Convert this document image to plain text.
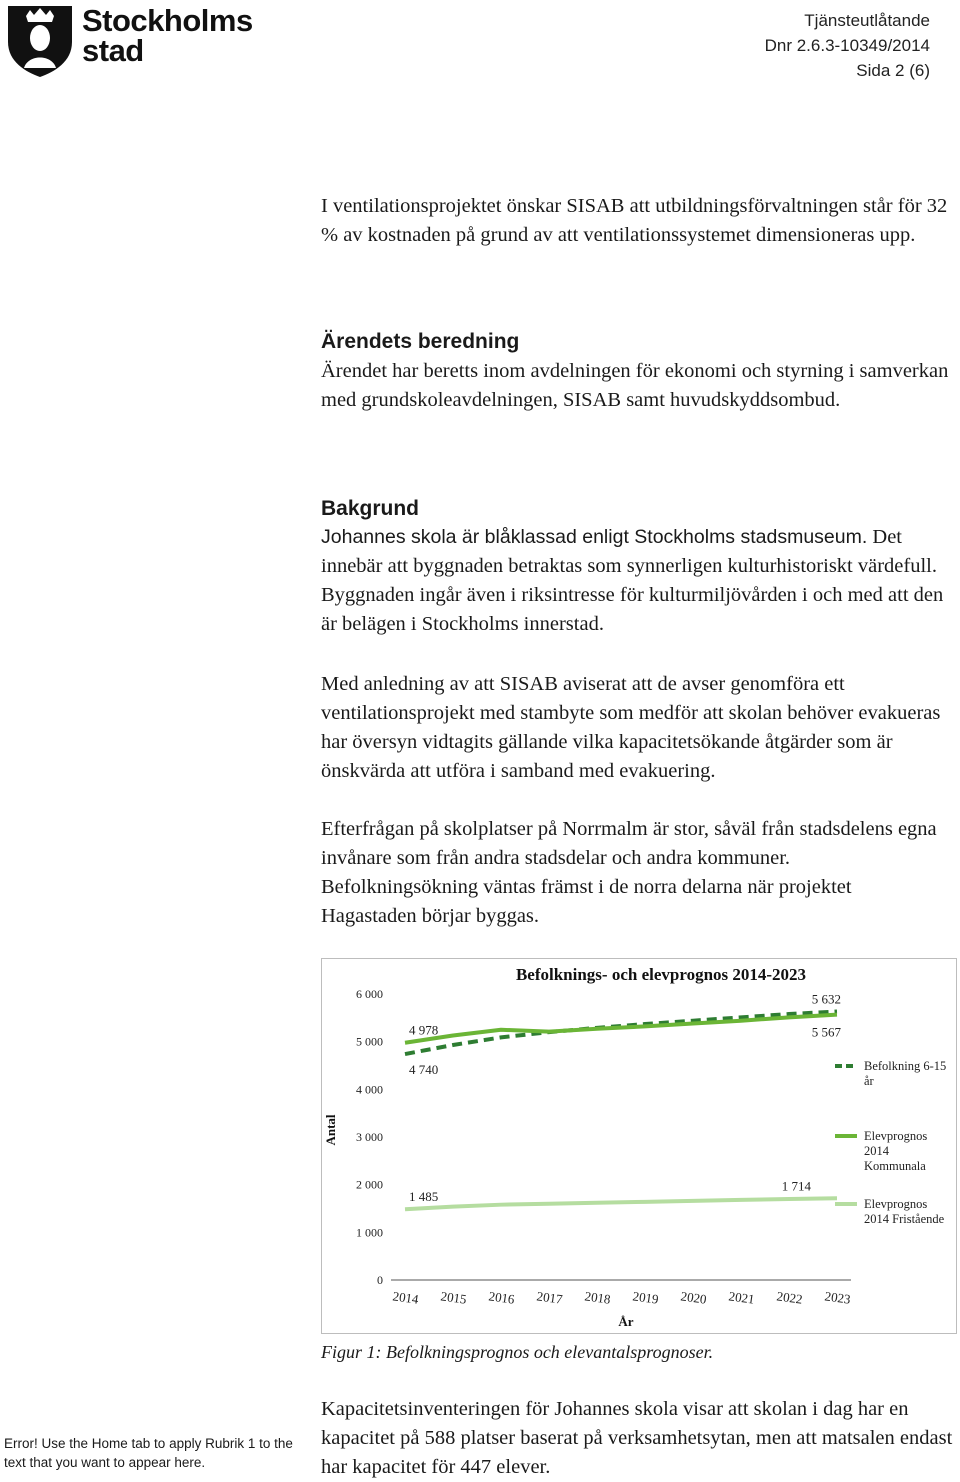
Stockholms
stad
Tjänsteutlåtande
Dnr 2.6.3-10349/2014
Sida 2 (6)

I ventilationsprojektet önskar SISAB att utbildningsförvaltningen står för 32 % av kostnaden på grund av att ventilationssystemet dimensioneras upp.

Ärendets beredning

Ärendet har beretts inom avdelningen för ekonomi och styrning i samverkan med grundskoleavdelningen, SISAB samt huvudskyddsombud.

Bakgrund

Johannes skola är blåklassad enligt Stockholms stadsmuseum. Det innebär att byggnaden betraktas som synnerligen kulturhistoriskt värdefull. Byggnaden ingår även i riksintresse för kulturmiljövården i och med att den är belägen i Stockholms innerstad.

Med anledning av att SISAB aviserat att de avser genomföra ett ventilationsprojekt med stambyte som medför att skolan behöver evakueras har översyn vidtagits gällande vilka kapacitetsökande åtgärder som är önskvärda att utföra i samband med evakuering.

Efterfrågan på skolplatser på Norrmalm är stor, såväl från stadsdelens egna invånare som från andra stadsdelar och andra kommuner. Befolkningsökning väntas främst i de norra delarna när projektet Hagastaden börjar byggas.

Befolknings- och elevprognos 2014-2023
År
Antal
0
1 000
2 000
3 000
4 000
5 000
6 000
2014 2015 2016 2017 2018 2019 2020 2021 2022 2023
4 978
4 740
5 632
5 567
1 485
1 714
Befolkning 6-15 år
Elevprognos 2014 Kommunala
Elevprognos 2014 Fristående
Figur 1: Befolkningsprognos och elevantalsprognoser.
Error! Use the Home tab to apply Rubrik 1 to the text that you want to appear here.

Kapacitetsinventeringen för Johannes skola visar att skolan i dag har en kapacitet på 588 platser baserat på verksamhetsytan, men att matsalen endast har kapacitet för 447 elever.
